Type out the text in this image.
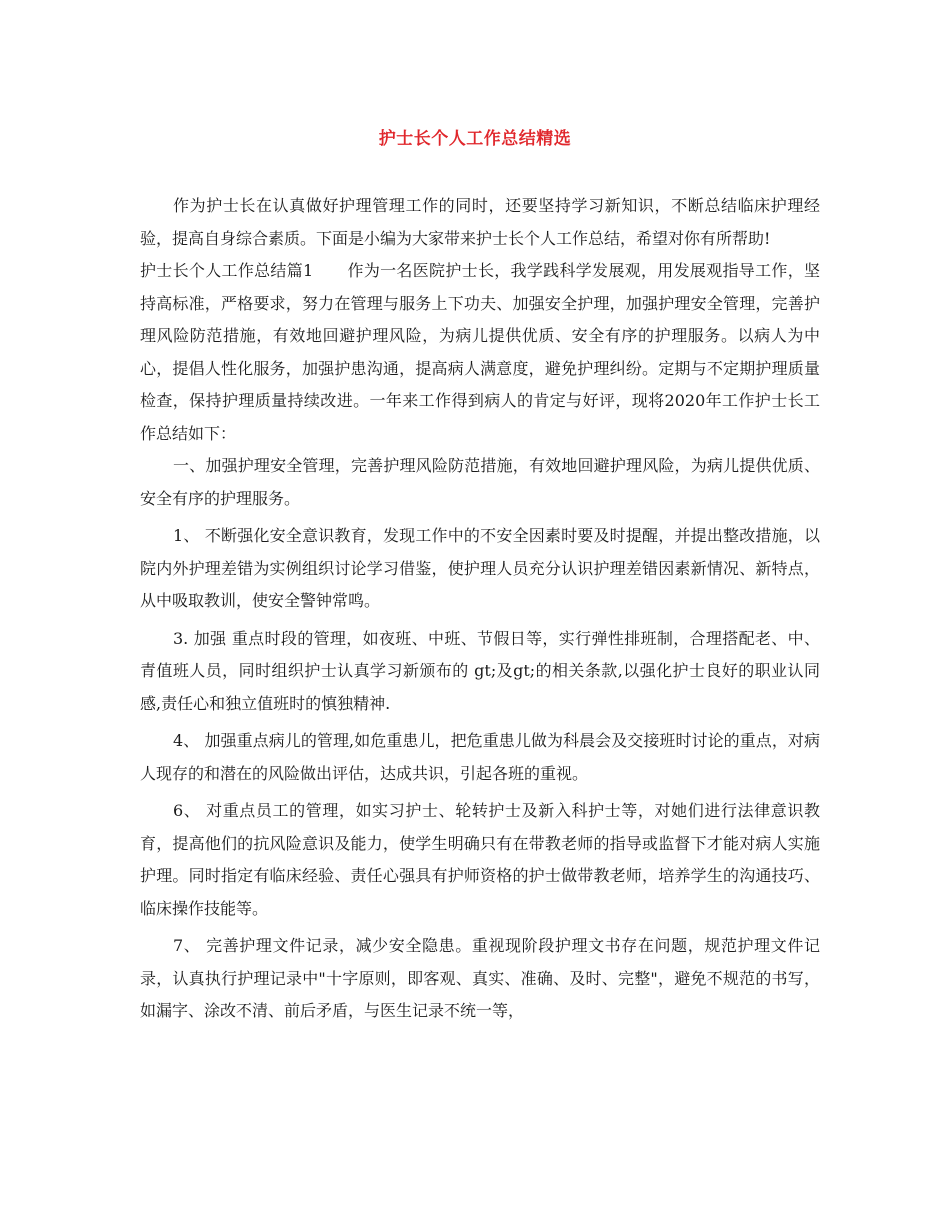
护士长个人工作总结精选

作为护士长在认真做好护理管理工作的同时，还要坚持学习新知识，不断总结临床护理经验，提高自身综合素质。下面是小编为大家带来护士长个人工作总结，希望对你有所帮助!

护士长个人工作总结篇1 作为一名医院护士长，我学践科学发展观，用发展观指导工作，坚持高标准，严格要求，努力在管理与服务上下功夫、加强安全护理，加强护理安全管理，完善护理风险防范措施，有效地回避护理风险，为病儿提供优质、安全有序的护理服务。以病人为中心，提倡人性化服务，加强护患沟通，提高病人满意度，避免护理纠纷。定期与不定期护理质量检查，保持护理质量持续改进。一年来工作得到病人的肯定与好评，现将2020年工作护士长工作总结如下：

一、加强护理安全管理，完善护理风险防范措施，有效地回避护理风险，为病儿提供优质、安全有序的护理服务。

1、 不断强化安全意识教育，发现工作中的不安全因素时要及时提醒，并提出整改措施，以院内外护理差错为实例组织讨论学习借鉴，使护理人员充分认识护理差错因素新情况、新特点，从中吸取教训，使安全警钟常鸣。

3. 加强 重点时段的管理，如夜班、中班、节假日等，实行弹性排班制，合理搭配老、中、青值班人员，同时组织护士认真学习新颁布的 gt;及gt;的相关条款,以强化护士良好的职业认同感,责任心和独立值班时的慎独精神.

4、 加强重点病儿的管理,如危重患儿，把危重患儿做为科晨会及交接班时讨论的重点，对病人现存的和潜在的风险做出评估，达成共识，引起各班的重视。

6、 对重点员工的管理，如实习护士、轮转护士及新入科护士等，对她们进行法律意识教育，提高他们的抗风险意识及能力，使学生明确只有在带教老师的指导或监督下才能对病人实施护理。同时指定有临床经验、责任心强具有护师资格的护士做带教老师，培养学生的沟通技巧、临床操作技能等。

7、 完善护理文件记录，减少安全隐患。重视现阶段护理文书存在问题，规范护理文件记录，认真执行护理记录中"十字原则，即客观、真实、准确、及时、完整"，避免不规范的书写，如漏字、涂改不清、前后矛盾，与医生记录不统一等，
